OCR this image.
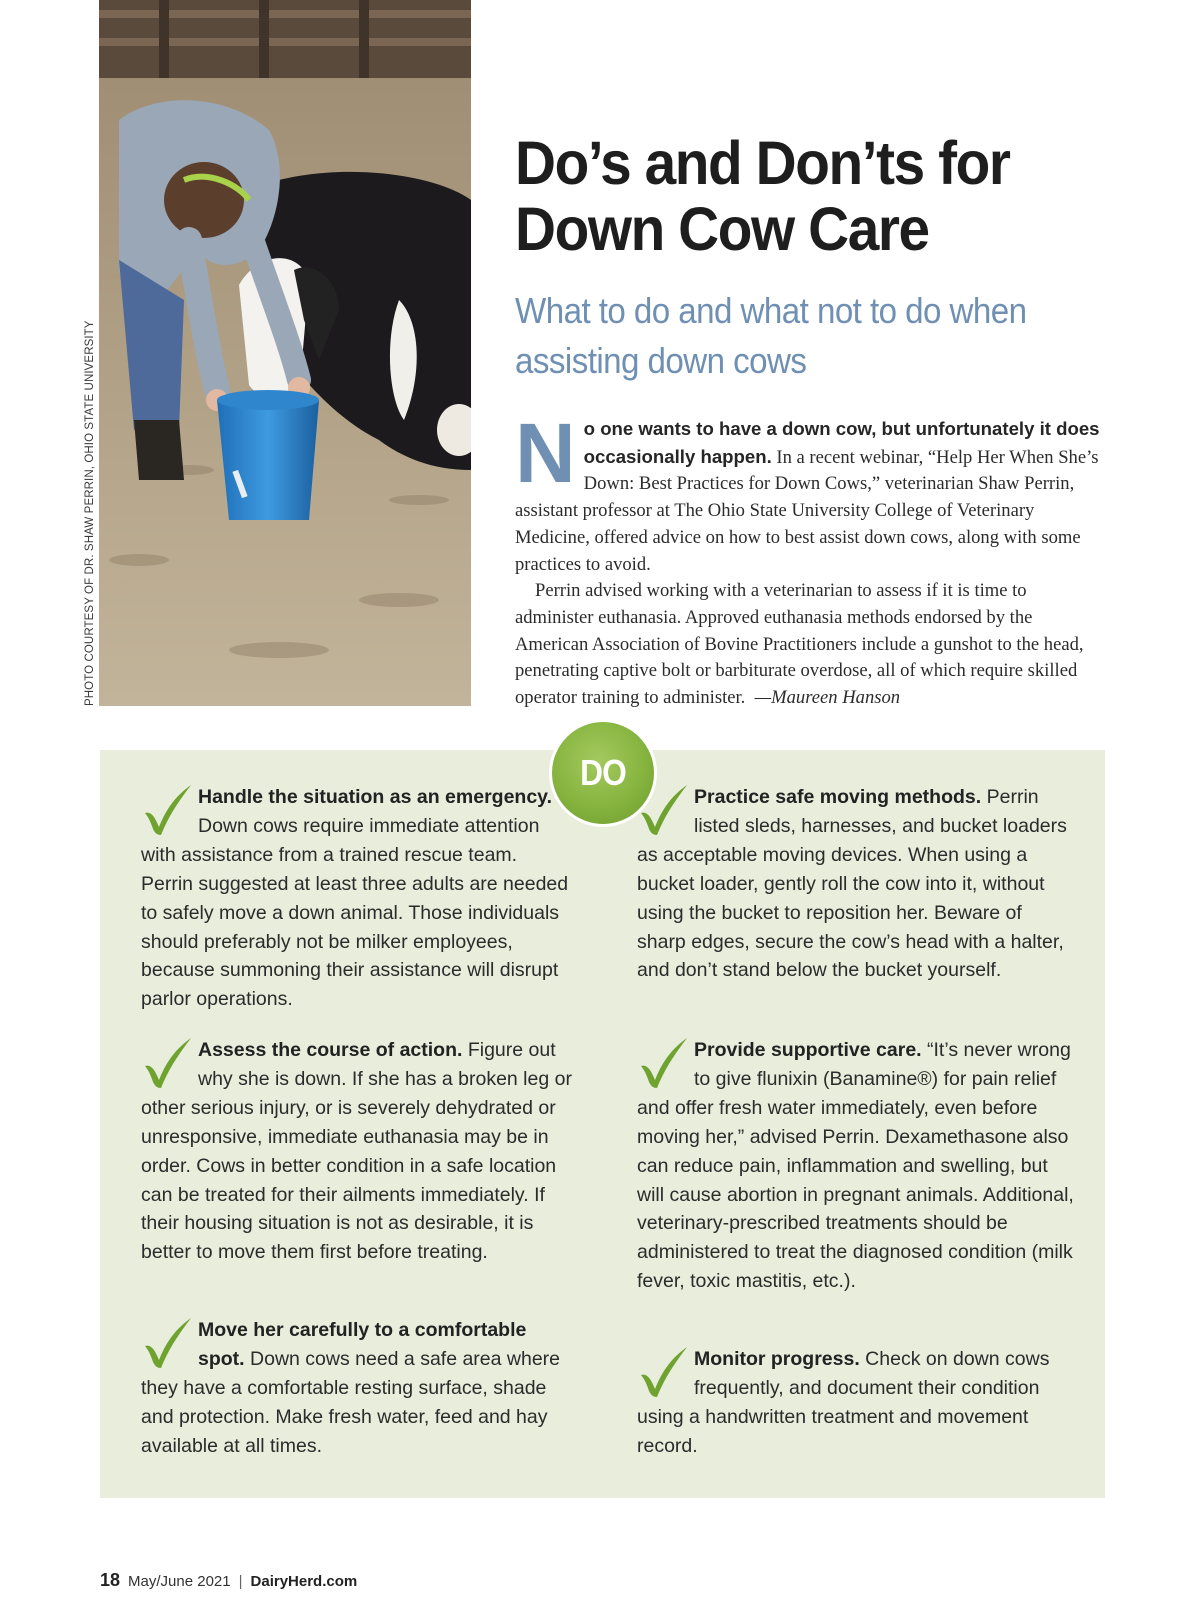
PHOTO COURTESY OF DR. SHAW PERRIN, OHIO STATE UNIVERSITY
Do’s and Don’ts for Down Cow Care
What to do and what not to do when assisting down cows

N o one wants to have a down cow, but unfortunately it does occasionally happen. In a recent webinar, “Help Her When She’s Down: Best Practices for Down Cows,” veterinarian Shaw Perrin, assistant professor at The Ohio State University College of Veterinary Medicine, offered advice on how to best assist down cows, along with some practices to avoid.

Perrin advised working with a veterinarian to assess if it is time to administer euthanasia. Approved euthanasia methods endorsed by the American Association of Bovine Practitioners include a gunshot to the head, penetrating captive bolt or barbiturate overdose, all of which require skilled operator training to administer. —Maureen Hanson

DO
Handle the situation as an emergency. Down cows require immediate attention with assistance from a trained rescue team. Perrin suggested at least three adults are needed to safely move a down animal. Those individuals should preferably not be milker employees, because summoning their assistance will disrupt parlor operations.
Assess the course of action. Figure out why she is down. If she has a broken leg or other serious injury, or is severely dehydrated or unresponsive, immediate euthanasia may be in order. Cows in better condition in a safe location can be treated for their ailments immediately. If their housing situation is not as desirable, it is better to move them first before treating.
Move her carefully to a comfortable spot. Down cows need a safe area where they have a comfortable resting surface, shade and protection. Make fresh water, feed and hay available at all times.
Practice safe moving methods. Perrin listed sleds, harnesses, and bucket loaders as acceptable moving devices. When using a bucket loader, gently roll the cow into it, without using the bucket to reposition her. Beware of sharp edges, secure the cow’s head with a halter, and don’t stand below the bucket yourself.
Provide supportive care. “It’s never wrong to give flunixin (Banamine®) for pain relief and offer fresh water immediately, even before moving her,” advised Perrin. Dexamethasone also can reduce pain, inflammation and swelling, but will cause abortion in pregnant animals. Additional, veterinary-prescribed treatments should be administered to treat the diagnosed condition (milk fever, toxic mastitis, etc.).
Monitor progress. Check on down cows frequently, and document their condition using a handwritten treatment and movement record.
18 May/June 2021 | DairyHerd.com
